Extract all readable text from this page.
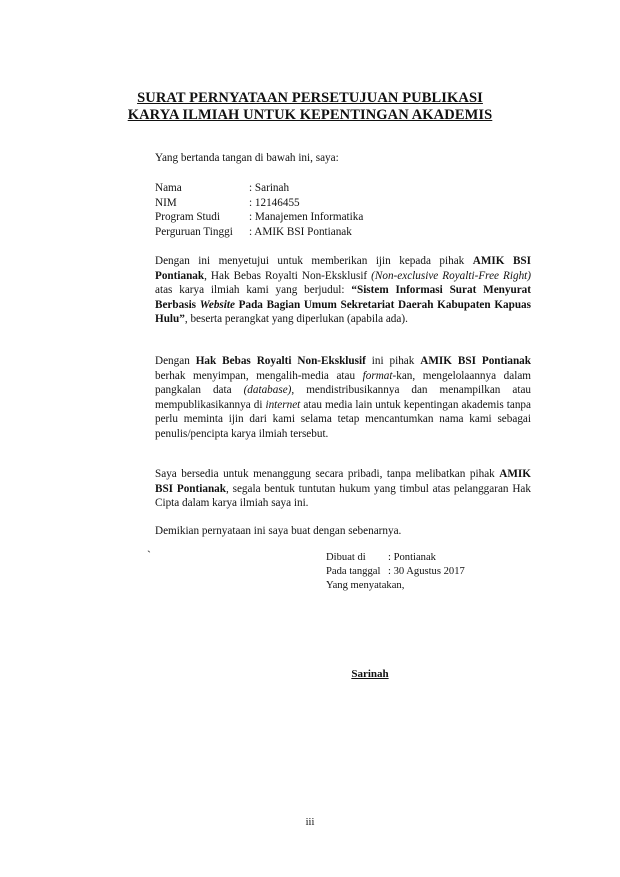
SURAT PERNYATAAN PERSETUJUAN PUBLIKASI
KARYA ILMIAH UNTUK KEPENTINGAN AKADEMIS
Yang bertanda tangan di bawah ini, saya:
Nama	: Sarinah
NIM	: 12146455
Program Studi	: Manajemen Informatika
Perguruan Tinggi	: AMIK BSI Pontianak
Dengan ini menyetujui untuk memberikan ijin kepada pihak AMIK BSI Pontianak, Hak Bebas Royalti Non-Eksklusif (Non-exclusive Royalti-Free Right) atas karya ilmiah kami yang berjudul: “Sistem Informasi Surat Menyurat Berbasis Website Pada Bagian Umum Sekretariat Daerah Kabupaten Kapuas Hulu”, beserta perangkat yang diperlukan (apabila ada).
Dengan Hak Bebas Royalti Non-Eksklusif ini pihak AMIK BSI Pontianak berhak menyimpan, mengalih-media atau format-kan, mengelolaannya dalam pangkalan data (database), mendistribusikannya dan menampilkan atau mempublikasikannya di internet atau media lain untuk kepentingan akademis tanpa perlu meminta ijin dari kami selama tetap mencantumkan nama kami sebagai penulis/pencipta karya ilmiah tersebut.
Saya bersedia untuk menanggung secara pribadi, tanpa melibatkan pihak AMIK BSI Pontianak, segala bentuk tuntutan hukum yang timbul atas pelanggaran Hak Cipta dalam karya ilmiah saya ini.
Demikian pernyataan ini saya buat dengan sebenarnya.
`	Dibuat di	: Pontianak
Pada tanggal : 30 Agustus 2017
Yang menyatakan,
Sarinah
iii
